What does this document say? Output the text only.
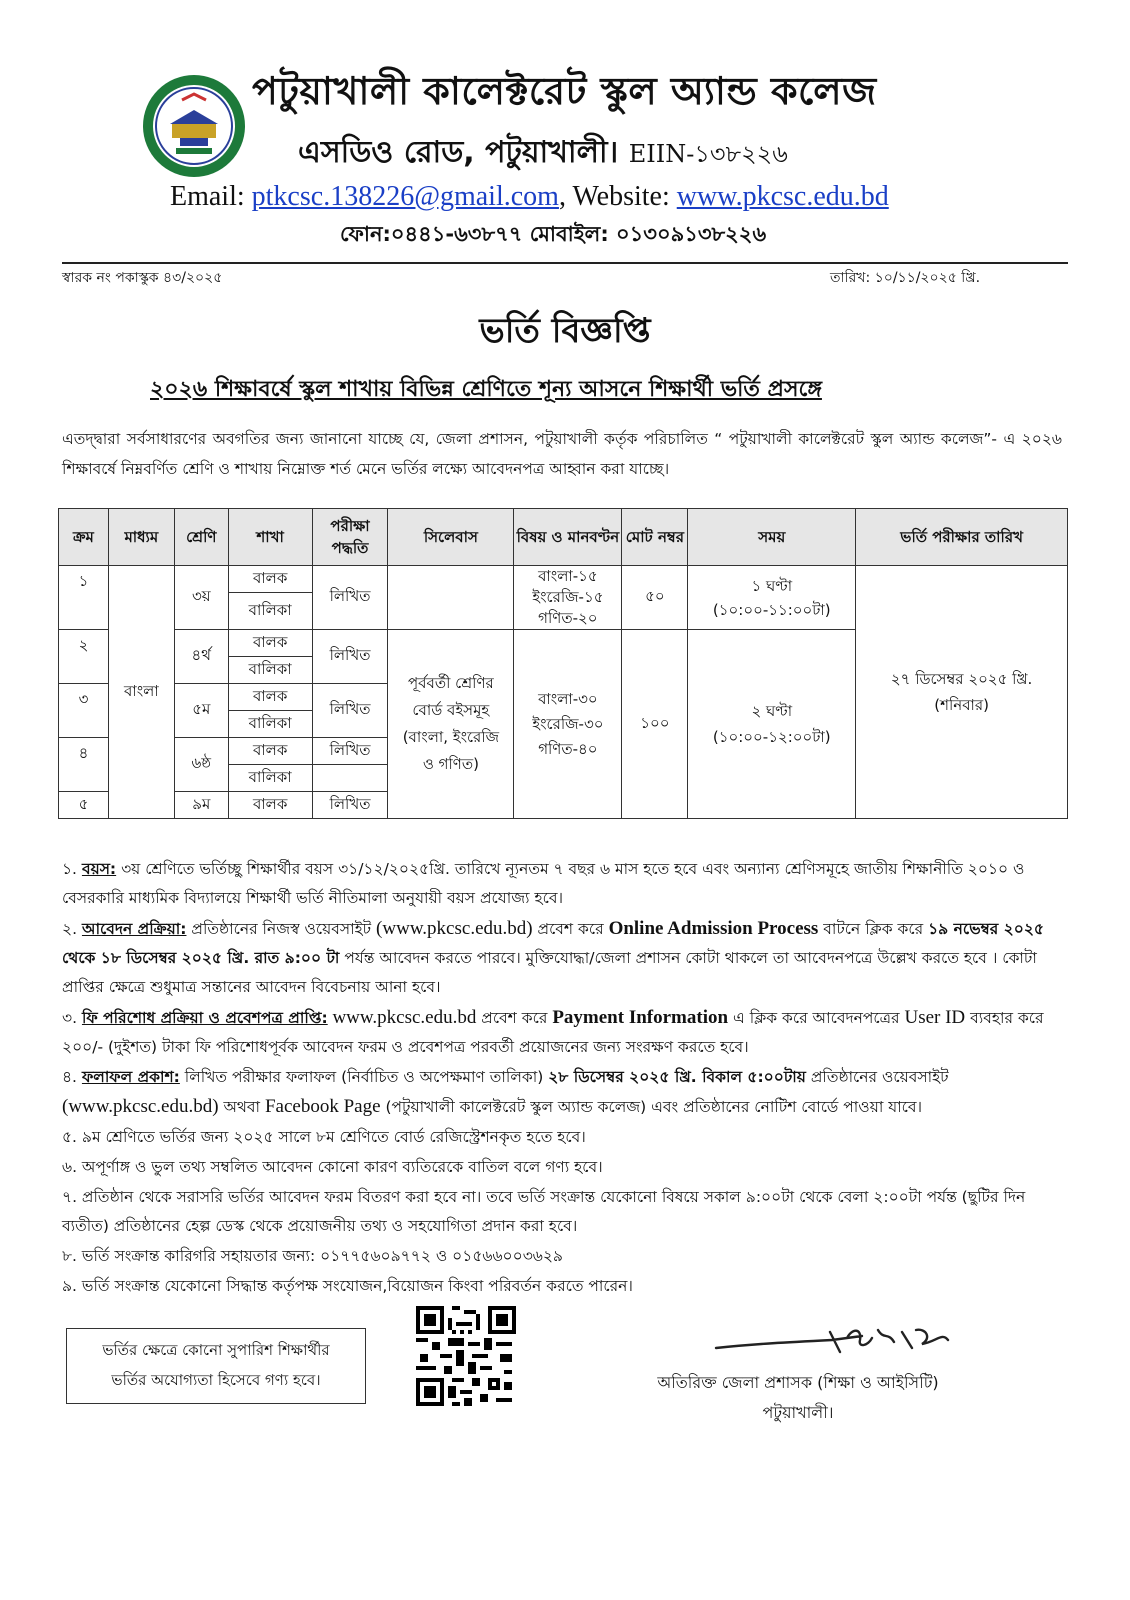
পটুয়াখালী কালেক্টরেট স্কুল অ্যান্ড কলেজ
এসডিও রোড, পটুয়াখালী। EIIN-১৩৮২২৬
Email: ptkcsc.138226@gmail.com, Website: www.pkcsc.edu.bd
ফোন:০৪৪১-৬৩৮৭৭ মোবাইল: ০১৩০৯১৩৮২২৬
স্বারক নং পকাস্কুক ৪৩/২০২৫	তারিখ: ১০/১১/২০২৫ খ্রি.
ভর্তি বিজ্ঞপ্তি
২০২৬ শিক্ষাবর্ষে স্কুল শাখায় বিভিন্ন শ্রেণিতে শূন্য আসনে শিক্ষার্থী ভর্তি প্রসঙ্গে
এতদ্দ্বারা সর্বসাধারণের অবগতির জন্য জানানো যাচ্ছে যে, জেলা প্রশাসন, পটুয়াখালী কর্তৃক পরিচালিত “ পটুয়াখালী কালেক্টরেট স্কুল অ্যান্ড কলেজ”- এ ২০২৬ শিক্ষাবর্ষে নিম্নবর্ণিত শ্রেণি ও শাখায় নিম্নোক্ত শর্ত মেনে ভর্তির লক্ষ্যে আবেদনপত্র আহ্বান করা যাচ্ছে।
ক্রম	মাধ্যম	শ্রেণি	শাখা	পরীক্ষা পদ্ধতি	সিলেবাস	বিষয় ও মানবণ্টন	মোট নম্বর	সময়	ভর্তি পরীক্ষার তারিখ
১	বাংলা	৩য়	বালক	লিখিত		বাংলা-১৫ ইংরেজি-১৫ গণিত-২০	৫০	১ ঘণ্টা (১০:০০-১১:০০টা)	২৭ ডিসেম্বর ২০২৫ খ্রি. (শনিবার)
			বালিকা						

২		৪র্থ	বালক	লিখিত	পূর্ববর্তী শ্রেণির বোর্ড বইসমূহ (বাংলা, ইংরেজি ও গণিত)	বাংলা-৩০ ইংরেজি-৩০ গণিত-৪০	১০০	২ ঘণ্টা (১০:০০-১২:০০টা)	
			বালিকা						
৩		৫ম	বালক	লিখিত					
			বালিকা						
৪		৬ষ্ঠ	বালক	লিখিত					
			বালিকা						
৫		৯ম	বালক	লিখিত					

১. বয়স: ৩য় শ্রেণিতে ভর্তিচ্ছু শিক্ষার্থীর বয়স ৩১/১২/২০২৫খ্রি. তারিখে ন্যূনতম ৭ বছর ৬ মাস হতে হবে এবং অন্যান্য শ্রেণিসমূহে জাতীয় শিক্ষানীতি ২০১০ ও বেসরকারি মাধ্যমিক বিদ্যালয়ে শিক্ষার্থী ভর্তি নীতিমালা অনুযায়ী বয়স প্রযোজ্য হবে।

২. আবেদন প্রক্রিয়া: প্রতিষ্ঠানের নিজস্ব ওয়েবসাইট (www.pkcsc.edu.bd) প্রবেশ করে Online Admission Process বাটনে ক্লিক করে ১৯ নভেম্বর ২০২৫ থেকে ১৮ ডিসেম্বর ২০২৫ খ্রি. রাত ৯:০০ টা পর্যন্ত আবেদন করতে পারবে। মুক্তিযোদ্ধা/জেলা প্রশাসন কোটা থাকলে তা আবেদনপত্রে উল্লেখ করতে হবে । কোটা প্রাপ্তির ক্ষেত্রে শুধুমাত্র সন্তানের আবেদন বিবেচনায় আনা হবে।

৩. ফি পরিশোধ প্রক্রিয়া ও প্রবেশপত্র প্রাপ্তি: www.pkcsc.edu.bd প্রবেশ করে Payment Information এ ক্লিক করে আবেদনপত্রের User ID ব্যবহার করে ২০০/- (দুইশত) টাকা ফি পরিশোধপূর্বক আবেদন ফরম ও প্রবেশপত্র পরবর্তী প্রয়োজনের জন্য সংরক্ষণ করতে হবে।

৪. ফলাফল প্রকাশ: লিখিত পরীক্ষার ফলাফল (নির্বাচিত ও অপেক্ষমাণ তালিকা) ২৮ ডিসেম্বর ২০২৫ খ্রি. বিকাল ৫:০০টায় প্রতিষ্ঠানের ওয়েবসাইট (www.pkcsc.edu.bd) অথবা Facebook Page (পটুয়াখালী কালেক্টরেট স্কুল অ্যান্ড কলেজ) এবং প্রতিষ্ঠানের নোটিশ বোর্ডে পাওয়া যাবে।

৫. ৯ম শ্রেণিতে ভর্তির জন্য ২০২৫ সালে ৮ম শ্রেণিতে বোর্ড রেজিস্ট্রেশনকৃত হতে হবে।

৬. অপূর্ণাঙ্গ ও ভুল তথ্য সম্বলিত আবেদন কোনো কারণ ব্যতিরেকে বাতিল বলে গণ্য হবে।

৭. প্রতিষ্ঠান থেকে সরাসরি ভর্তির আবেদন ফরম বিতরণ করা হবে না। তবে ভর্তি সংক্রান্ত যেকোনো বিষয়ে সকাল ৯:০০টা থেকে বেলা ২:০০টা পর্যন্ত (ছুটির দিন ব্যতীত) প্রতিষ্ঠানের হেল্প ডেস্ক থেকে প্রয়োজনীয় তথ্য ও সহযোগিতা প্রদান করা হবে।

৮. ভর্তি সংক্রান্ত কারিগরি সহায়তার জন্য: ০১৭৭৫৬০৯৭৭২ ও ০১৫৬৬০০৩৬২৯

৯. ভর্তি সংক্রান্ত যেকোনো সিদ্ধান্ত কর্তৃপক্ষ সংযোজন,বিয়োজন কিংবা পরিবর্তন করতে পারেন।

ভর্তির ক্ষেত্রে কোনো সুপারিশ শিক্ষার্থীর
ভর্তির অযোগ্যতা হিসেবে গণ্য হবে।	অতিরিক্ত জেলা প্রশাসক (শিক্ষা ও আইসিটি)
পটুয়াখালী।
